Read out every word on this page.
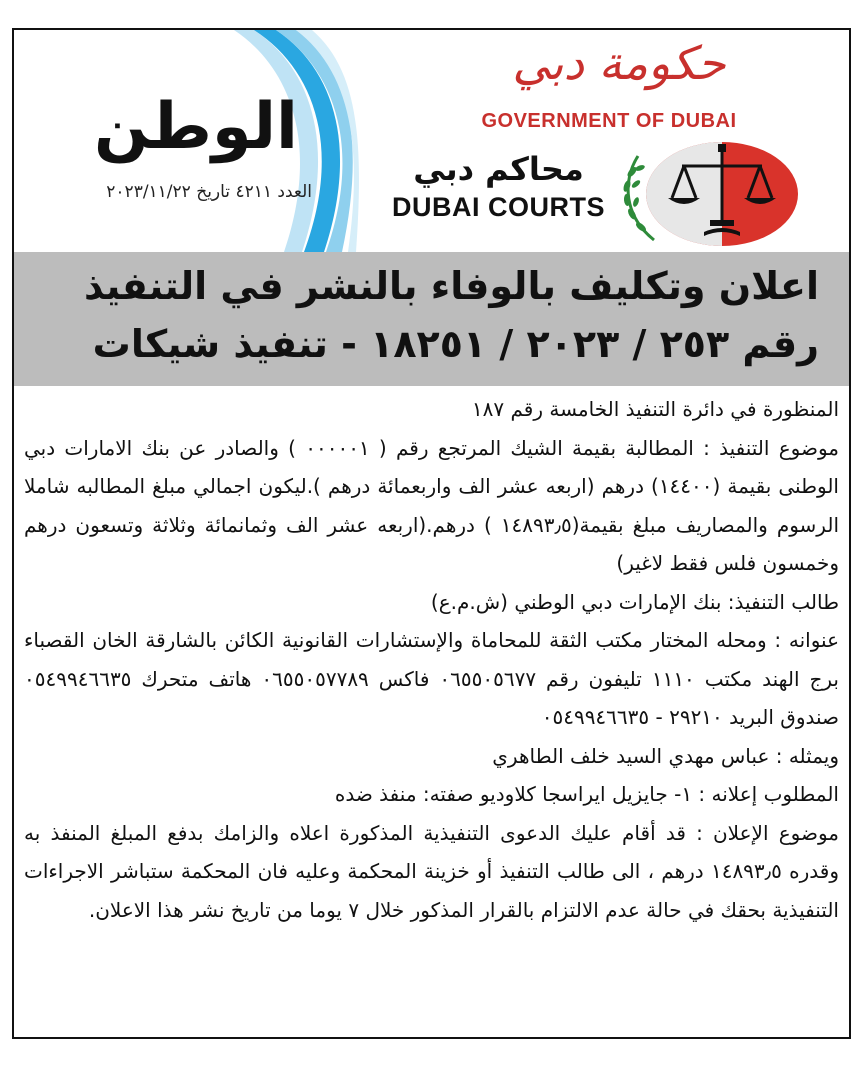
الوطن
العدد ٤٢١١ تاريخ ٢٠٢٣/١١/٢٢
حكومة دبي
GOVERNMENT OF DUBAI
محاكم دبي
DUBAI COURTS
اعلان وتكليف بالوفاء بالنشر في التنفيذ
رقم ٢٥٣ / ٢٠٢٣ / ١٨٢٥١ - تنفيذ شيكات

المنظورة في دائرة التنفيذ الخامسة رقم ١٨٧

موضوع التنفيذ : المطالبة بقيمة الشيك المرتجع رقم ( ٠٠٠٠٠١ ) والصادر عن بنك الامارات دبي الوطنى بقيمة (١٤٤٠٠) درهم (اربعه عشر الف واربعمائة درهم ).ليكون اجمالي مبلغ المطالبه شاملا الرسوم والمصاريف مبلغ بقيمة(١٤٨٩٣٫٥ ) درهم.(اربعه عشر الف وثمانمائة وثلاثة وتسعون درهم وخمسون فلس فقط لاغير)

طالب التنفيذ: بنك الإمارات دبي الوطني (ش.م.ع)

عنوانه : ومحله المختار مكتب الثقة للمحاماة والإستشارات القانونية الكائن بالشارقة الخان القصباء برج الهند مكتب ١١١٠ تليفون رقم ٠٦٥٥٠٥٦٧٧ فاكس ٠٦٥٥٠٥٧٧٨٩ هاتف متحرك ٠٥٤٩٩٤٦٦٣٥ صندوق البريد ٢٩٢١٠ - ٠٥٤٩٩٤٦٦٣٥

ويمثله : عباس مهدي السيد خلف الطاهري

المطلوب إعلانه : ١- جايزيل ايراسجا كلاوديو صفته: منفذ ضده

موضوع الإعلان : قد أقام عليك الدعوى التنفيذية المذكورة اعلاه والزامك بدفع المبلغ المنفذ به وقدره ١٤٨٩٣٫٥ درهم ، الى طالب التنفيذ أو خزينة المحكمة وعليه فان المحكمة ستباشر الاجراءات التنفيذية بحقك في حالة عدم الالتزام بالقرار المذكور خلال ٧ يوما من تاريخ نشر هذا الاعلان.
